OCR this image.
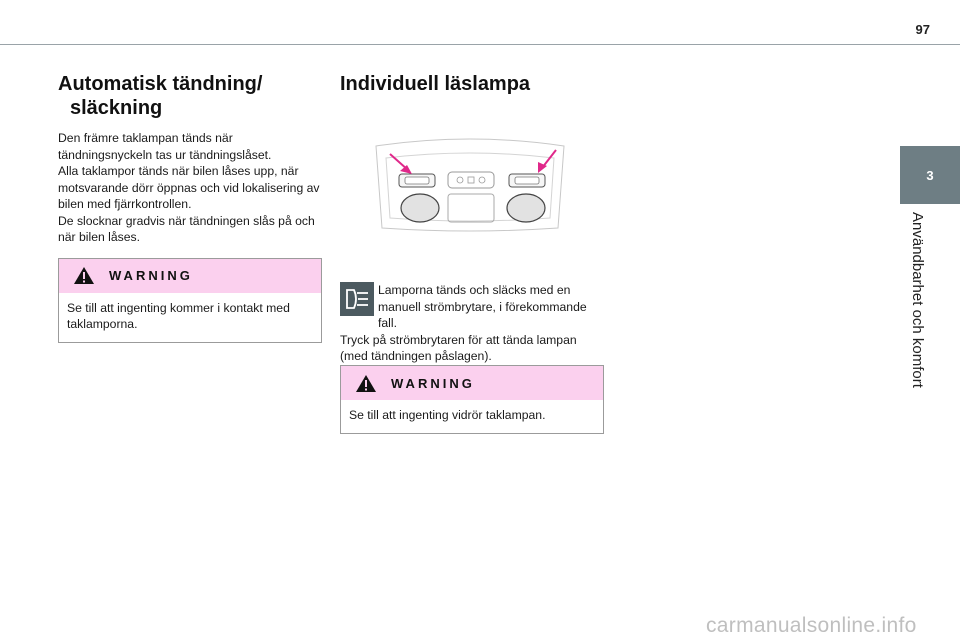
97
3
Användbarhet och komfort
Automatisk tändning/
släckning

Den främre taklampan tänds när tändningsnyckeln tas ur tändningslåset.

Alla taklampor tänds när bilen låses upp, när motsvarande dörr öppnas och vid lokalisering av bilen med fjärrkontrollen.

De slocknar gradvis när tändningen slås på och när bilen låses.

WARNING
Se till att ingenting kommer i kontakt med taklamporna.
Individuell läslampa

Lamporna tänds och släcks med en manuell strömbrytare, i förekommande fall.

Tryck på strömbrytaren för att tända lampan (med tändningen påslagen).

WARNING
Se till att ingenting vidrör taklampan.
carmanualsonline.info
